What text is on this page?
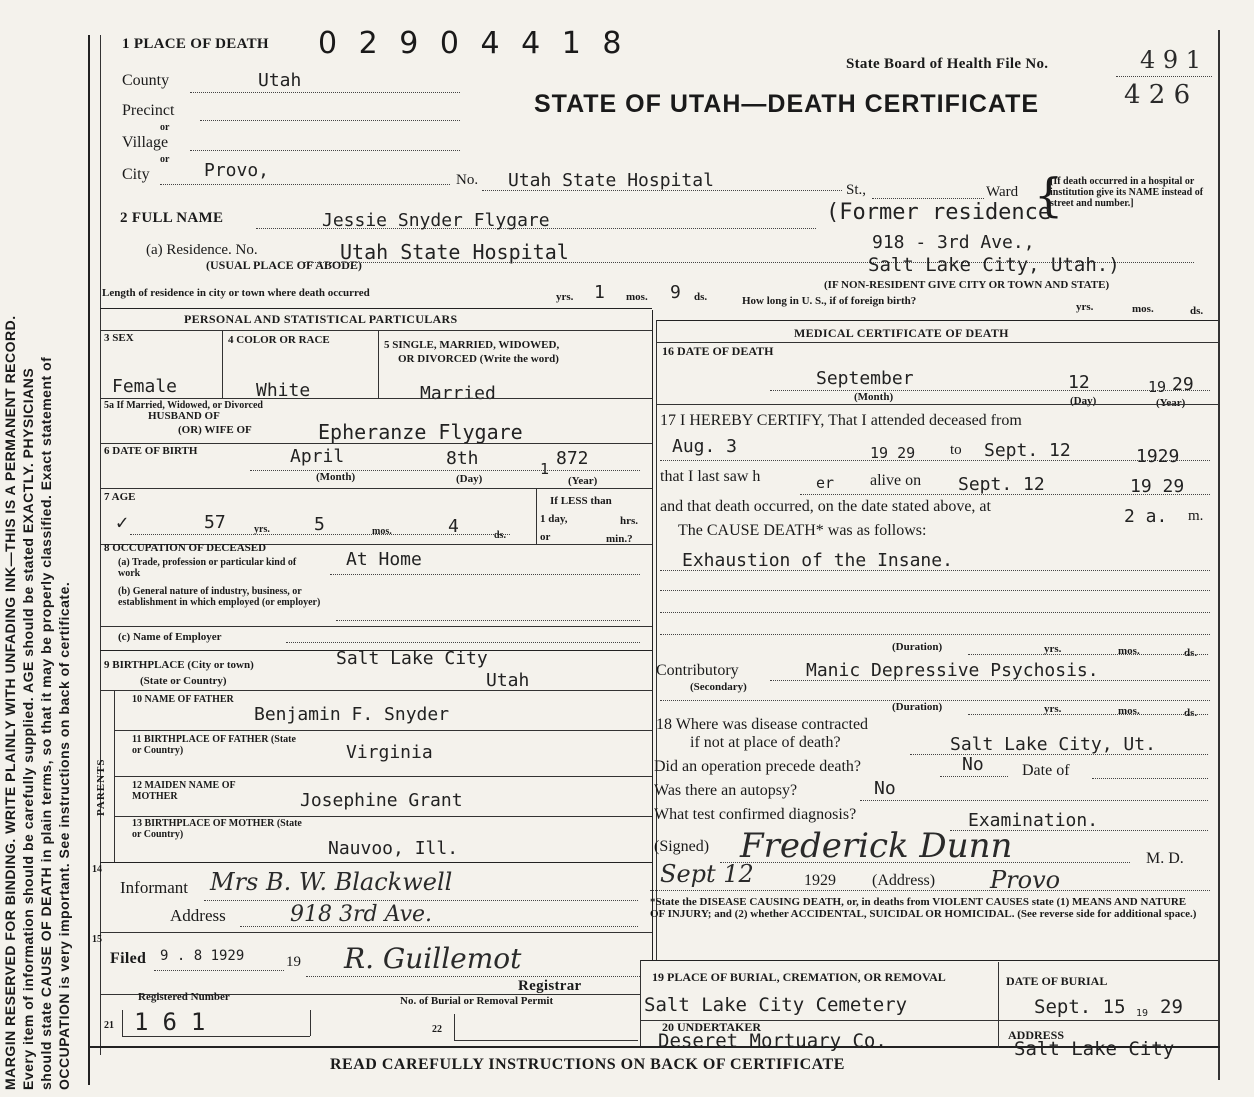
MARGIN RESERVED FOR BINDING. WRITE PLAINLY WITH UNFADING INK—THIS IS A PERMANENT RECORD. Every item of information should be carefully supplied. AGE should be stated EXACTLY. PHYSICIANS should state CAUSE OF DEATH in plain terms, so that it may be properly classified. Exact statement of OCCUPATION is very important. See instructions on back of certificate.
1 PLACE OF DEATH 0 2 9 0 4 4 1 8
State Board of Health File No.	4 9 1
4 2 6
STATE OF UTAH—DEATH CERTIFICATE
County	Utah
Precinct
or
Village
or
City	Provo,	No. Utah State Hospital	St.,	Ward {
[If death occurred in a hospital or institution give its NAME instead of street and number.]
2 FULL NAME	Jessie Snyder Flygare	(Former residence
(a) Residence. No.
(USUAL PLACE OF ABODE)
Utah State Hospital	918 - 3rd Ave.,
Salt Lake City, Utah.)
(IF NON-RESIDENT GIVE CITY OR TOWN AND STATE)
Length of residence in city or town where death occurred	yrs. 1 mos. 9 ds.	How long in U. S., if of foreign birth?	yrs.	mos.	ds.
PERSONAL AND STATISTICAL PARTICULARS
3 SEX	4 COLOR OR RACE	5 SINGLE, MARRIED, WIDOWED,
OR DIVORCED (Write the word)
Female	White	Married
5a If Married, Widowed, or Divorced
HUSBAND OF
(OR) WIFE OF	Epheranze Flygare
6 DATE OF BIRTH	April	8th	1 872
(Month)	(Day)	(Year)
7 AGE
✓	57	yrs. 5	mos.	4	ds.
If LESS than
1 day,	hrs.
or	min.?
8 OCCUPATION OF DECEASED
(a) Trade, profession or particular kind of work
At Home
(b) General nature of industry, business, or establishment in which employed (or employer)
(c) Name of Employer
9 BIRTHPLACE (City or town)	Salt Lake City
(State or Country)	Utah
PARENTS
10 NAME OF FATHER
Benjamin F. Snyder
11 BIRTHPLACE OF FATHER (State or Country)	Virginia
12 MAIDEN NAME OF MOTHER	Josephine Grant
13 BIRTHPLACE OF MOTHER (State or Country)
Nauvoo, Ill.
14
Informant Mrs B. W. Blackwell
Address	918 3rd Ave.
15
Filed 9 . 8 1929	19 R. Guillemot
Registrar
Registered Number	No. of Burial or Removal Permit
21	22
161
MEDICAL CERTIFICATE OF DEATH
16 DATE OF DEATH
September	12	19 29
(Month)	(Day)	(Year)
17 I HEREBY CERTIFY, That I attended deceased from
Aug. 3	19 29 to Sept. 12	1929
that I last saw h	er alive on Sept. 12	19 29
and that death occurred, on the date stated above, at	2 a. m.
The CAUSE DEATH* was as follows:
Exhaustion of the Insane.
(Duration)	yrs.	mos.	ds.
Contributory
(Secondary)
Manic Depressive Psychosis.
(Duration)	yrs.	mos.	ds.
18 Where was disease contracted
if not at place of death?	Salt Lake City, Ut.
Did an operation precede death?	No Date of
Was there an autopsy?	No
What test confirmed diagnosis?	Examination.
(Signed) Frederick Dunn	M. D.
Sept 12	1929 (Address) Provo
*State the DISEASE CAUSING DEATH, or, in deaths from VIOLENT CAUSES state (1) MEANS AND NATURE OF INJURY; and (2) whether ACCIDENTAL, SUICIDAL OR HOMICIDAL. (See reverse side for additional space.)
19 PLACE OF BURIAL, CREMATION, OR REMOVAL
Salt Lake City Cemetery
DATE OF BURIAL
Sept. 15 19 29
20 UNDERTAKER
Deseret Mortuary Co.	ADDRESS
Salt Lake City
READ CAREFULLY INSTRUCTIONS ON BACK OF CERTIFICATE
